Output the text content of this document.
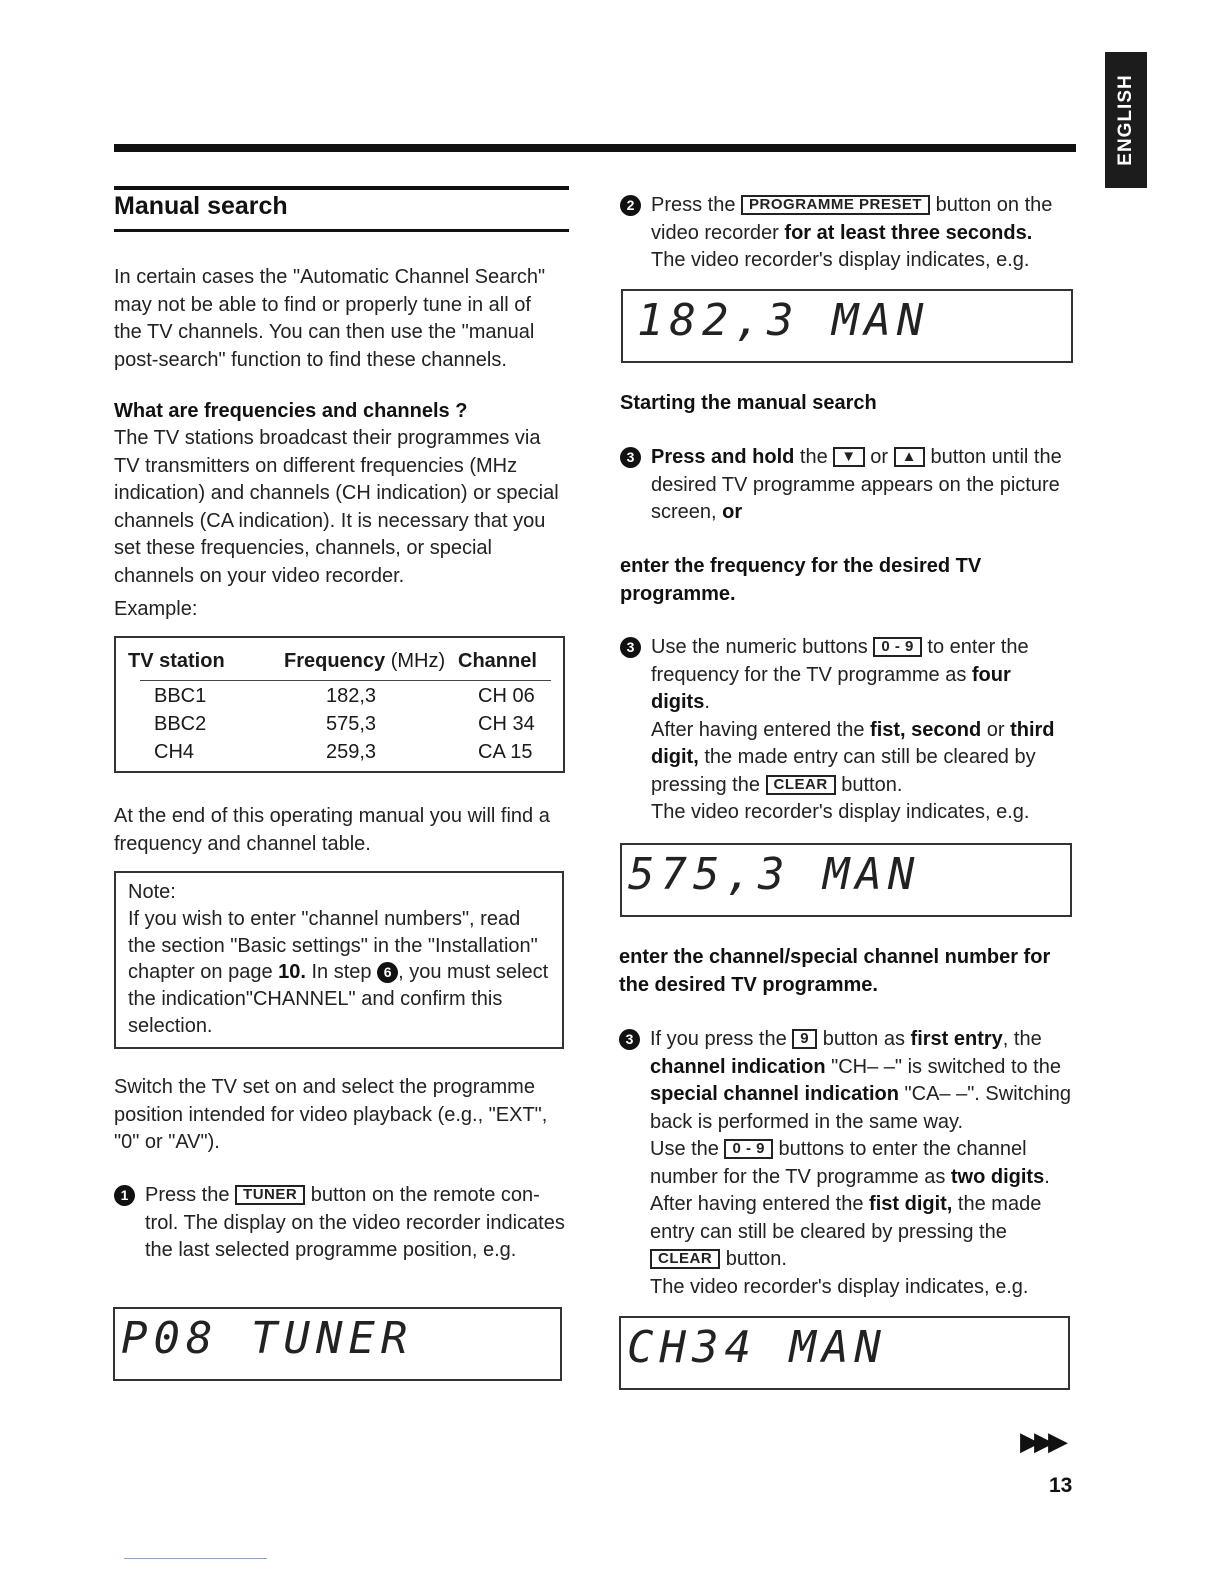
ENGLISH
Manual search

In certain cases the "Automatic Channel Search" may not be able to find or properly tune in all of the TV channels. You can then use the "manual post-search" function to find these channels.

What are frequencies and channels ?

The TV stations broadcast their programmes via TV transmitters on different frequencies (MHz indication) and channels (CH indication) or special channels (CA indication). It is necessary that you set these frequencies, channels, or special channels on your video recorder.

Example:

TV station	Frequency (MHz)	Channel

BBC1	182,3	CH 06
BBC2	575,3	CH 34
CH4	259,3	CA 15

At the end of this operating manual you will find a frequency and channel table.

Note:
If you wish to enter "channel numbers", read the section "Basic settings" in the "Installation" chapter on page 10. In step 6 , you must select the indication"CHANNEL" and confirm this selection.

Switch the TV set on and select the programme position intended for video playback (e.g., "EXT", "0" or "AV").

1 Press the TUNER button on the remote con-trol. The display on the video recorder indicates the last selected programme position, e.g.

P08 TUNER
2 Press the PROGRAMME PRESET button on the video recorder for at least three seconds.
The video recorder's display indicates, e.g.

182,3 MAN
Starting the manual search
3 Press and hold the ▼ or ▲ button until the desired TV programme appears on the picture screen, or

enter the frequency for the desired TV programme.
3 Use the numeric buttons 0 - 9 to enter the frequency for the TV programme as four digits.
After having entered the fist, second or third digit, the made entry can still be cleared by pressing the CLEAR button.
The video recorder's display indicates, e.g.

575,3 MAN
enter the channel/special channel number for the desired TV programme.
3 If you press the 9 button as first entry, the channel indication "CH– –" is switched to the special channel indication "CA– –". Switching back is performed in the same way.
Use the 0 - 9 buttons to enter the channel number for the TV programme as two digits.
After having entered the fist digit, the made entry can still be cleared by pressing the CLEAR button.
The video recorder's display indicates, e.g.

CH34 MAN
▶▶▶
13
